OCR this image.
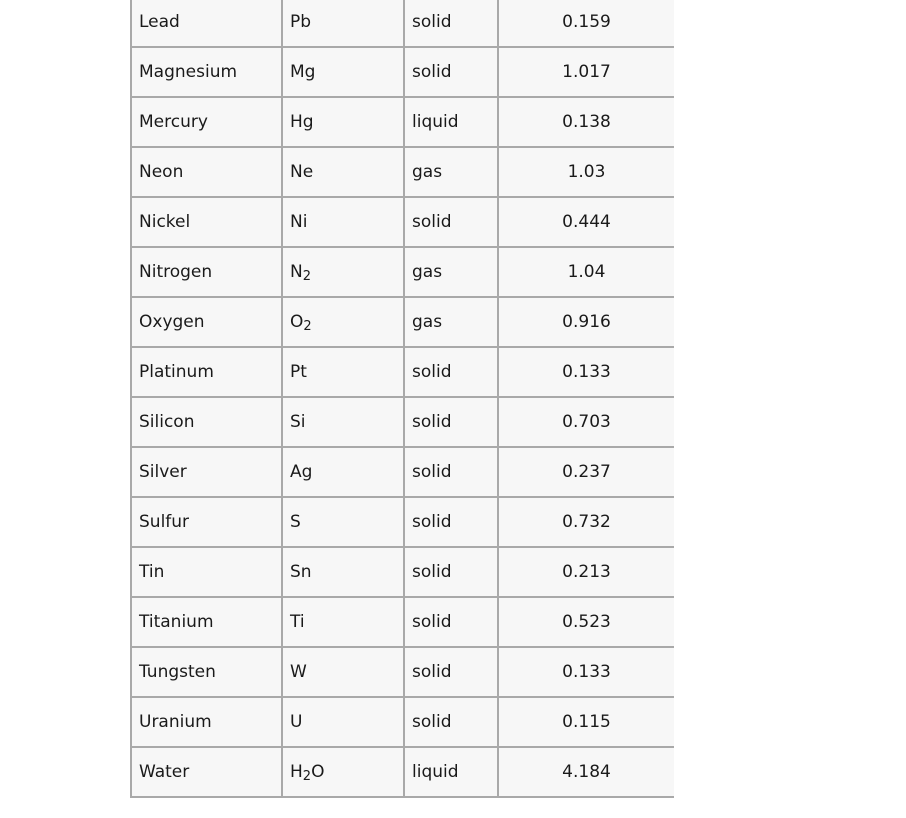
Lead	Pb	solid	0.159
Magnesium	Mg	solid	1.017
Mercury	Hg	liquid	0.138
Neon	Ne	gas	1.03
Nickel	Ni	solid	0.444
Nitrogen	$N_2$	gas	1.04
Oxygen	$O_2$	gas	0.916
Platinum	Pt	solid	0.133
Silicon	Si	solid	0.703
Silver	Ag	solid	0.237
Sulfur	S	solid	0.732
Tin	Sn	solid	0.213
Titanium	Ti	solid	0.523
Tungsten	W	solid	0.133
Uranium	U	solid	0.115
Water	$H_2O$	liquid	4.184
